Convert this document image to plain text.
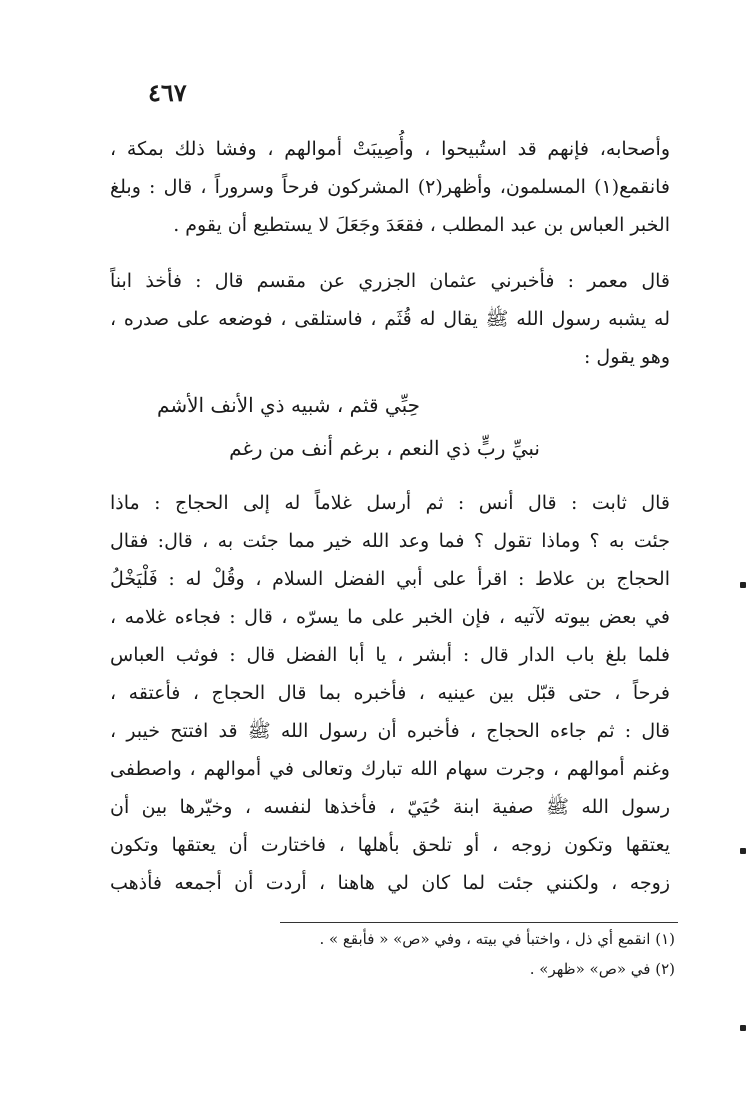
٤٦٧
وأصحابه، فإنهم قد استُبيحوا ، وأُصِيبَتْ أموالهم ، وفشا ذلك بمكة ،
فانقمع(١) المسلمون، وأظهر(٢) المشركون فرحاً وسروراً ، قال : وبلغ
الخبر العباس بن عبد المطلب ، فقعَدَ وجَعَلَ لا يستطيع أن يقوم .
قال معمر : فأخبرني عثمان الجزري عن مقسم قال : فأخذ ابناً
له يشبه رسول الله ﷺ يقال له قُثَم ، فاستلقى ، فوضعه على صدره ،
وهو يقول :
حِبِّي قثم ، شبيه ذي الأنف الأشم
نبيِّ ربٍّ ذي النعم ، برغم أنف من رغم
قال ثابت : قال أنس : ثم أرسل غلاماً له إلى الحجاج : ماذا
جئت به ؟ وماذا تقول ؟ فما وعد الله خير مما جئت به ، قال: فقال
الحجاج بن علاط : اقرأ على أبي الفضل السلام ، وقُلْ له : فَلْيَخْلُ
في بعض بيوته لآتيه ، فإن الخبر على ما يسرّه ، قال : فجاءه غلامه ،
فلما بلغ باب الدار قال : أبشر ، يا أبا الفضل قال : فوثب العباس
فرحاً ، حتى قبّل بين عينيه ، فأخبره بما قال الحجاج ، فأعتقه ،
قال : ثم جاءه الحجاج ، فأخبره أن رسول الله ﷺ قد افتتح خيبر ،
وغنم أموالهم ، وجرت سهام الله تبارك وتعالى في أموالهم ، واصطفى
رسول الله ﷺ صفية ابنة حُيَيّ ، فأخذها لنفسه ، وخيّرها بين أن
يعتقها وتكون زوجه ، أو تلحق بأهلها ، فاختارت أن يعتقها وتكون
زوجه ، ولكنني جئت لما كان لي هاهنا ، أردت أن أجمعه فأذهب
(١) انقمع أي ذل ، واختبأ في بيته ، وفي «ص» « فأبقع » .
(٢) في «ص» «ظهر» .
